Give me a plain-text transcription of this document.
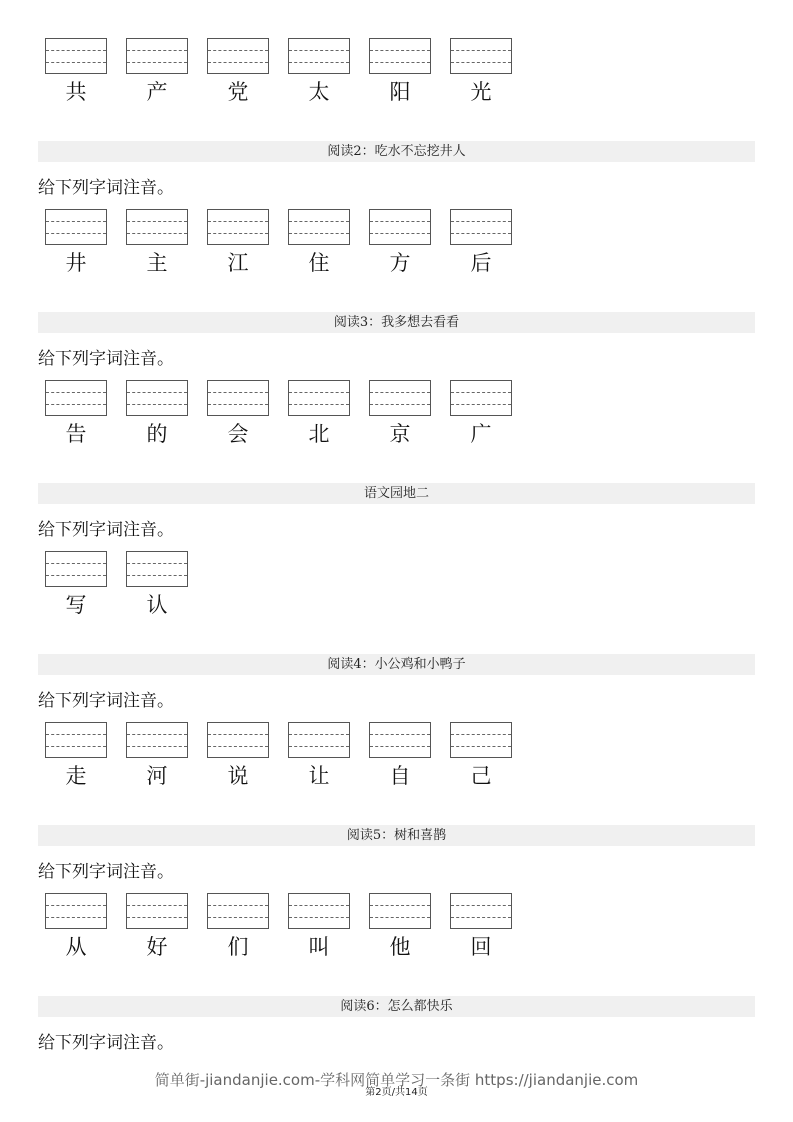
共	产	党	太	阳	光
阅读2：吃水不忘挖井人
给下列字词注音。
井	主	江	住	方	后
阅读3：我多想去看看
给下列字词注音。
告	的	会	北	京	广
语文园地二
给下列字词注音。
写	认
阅读4：小公鸡和小鸭子
给下列字词注音。
走	河	说	让	自	己
阅读5：树和喜鹊
给下列字词注音。
从	好	们	叫	他	回
阅读6：怎么都快乐
给下列字词注音。
简单街-jiandanjie.com-学科网简单学习一条街 https://jiandanjie.com
第2页/共14页
